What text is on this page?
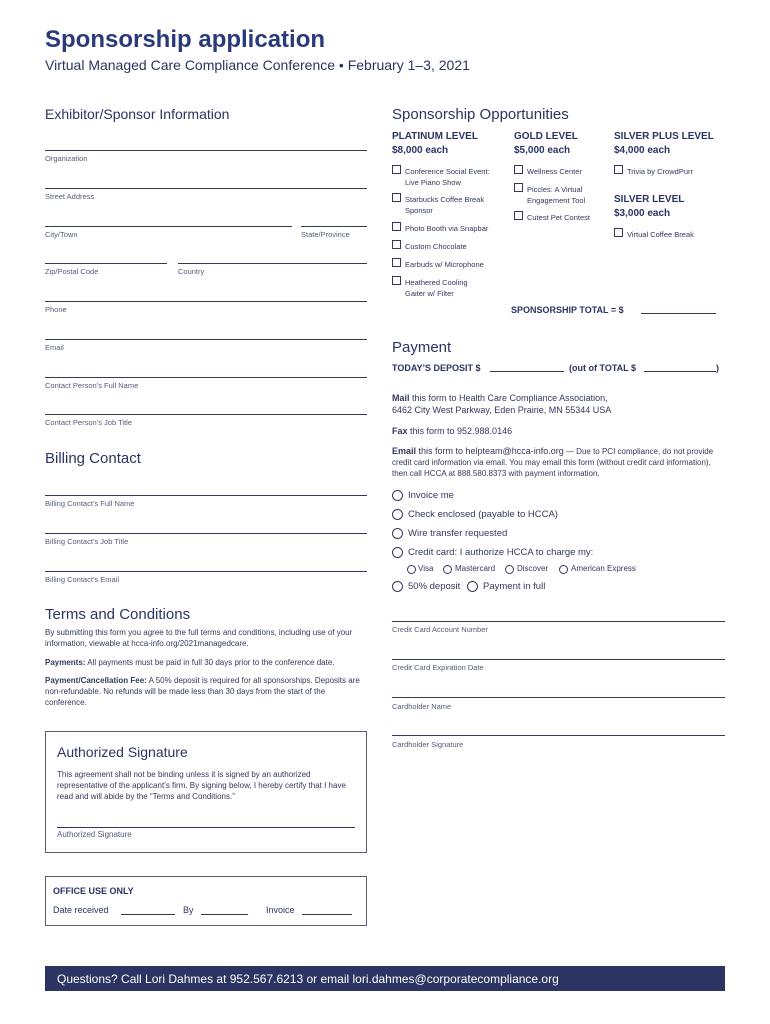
Sponsorship application
Virtual Managed Care Compliance Conference • February 1–3, 2021
Exhibitor/Sponsor Information
Organization
Street Address
City/Town	State/Province
Zip/Postal Code	Country
Phone
Email
Contact Person’s Full Name
Contact Person’s Job Title
Billing Contact
Billing Contact’s Full Name
Billing Contact’s Job Title
Billing Contact’s Email
Terms and Conditions
By submitting this form you agree to the full terms and conditions, including use of your information, viewable at hcca-info.org/2021managedcare.
Payments: All payments must be paid in full 30 days prior to the conference date.
Payment/Cancellation Fee: A 50% deposit is required for all sponsorships. Deposits are non-refundable. No refunds will be made less than 30 days from the start of the conference.
Authorized Signature
This agreement shall not be binding unless it is signed by an authorized representative of the applicant’s firm. By signing below, I hereby certify that I have read and will abide by the “Terms and Conditions.”
Authorized Signature
OFFICE USE ONLY
Date received	By	Invoice
Sponsorship Opportunities
PLATINUM LEVEL
$8,000 each
Conference Social Event: Live Piano Show
Starbucks Coffee Break Sponsor
Photo Booth via Snapbar
Custom Chocolate
Earbuds w/ Microphone
Heathered Cooling Gaiter w/ Filter
GOLD LEVEL
$5,000 each
Wellness Center
Piccles: A Virtual Engagement Tool
Cutest Pet Contest
SILVER PLUS LEVEL
$4,000 each
Trivia by CrowdPurr
SILVER LEVEL
$3,000 each
Virtual Coffee Break
SPONSORSHIP TOTAL = $
Payment
TODAY’S DEPOSIT $	(out of TOTAL $	)
Mail this form to Health Care Compliance Association,
6462 City West Parkway, Eden Prairie, MN 55344 USA
Fax this form to 952.988.0146
Email this form to helpteam@hcca-info.org — Due to PCI compliance, do not provide credit card information via email. You may email this form (without credit card information), then call HCCA at 888.580.8373 with payment information.
Invoice me
Check enclosed (payable to HCCA)
Wire transfer requested
Credit card: I authorize HCCA to charge my:
Visa	Mastercard	Discover	American Express
50% deposit Payment in full
Credit Card Account Number
Credit Card Expiration Date
Cardholder Name
Cardholder Signature
Questions? Call Lori Dahmes at 952.567.6213 or email lori.dahmes@corporatecompliance.org
